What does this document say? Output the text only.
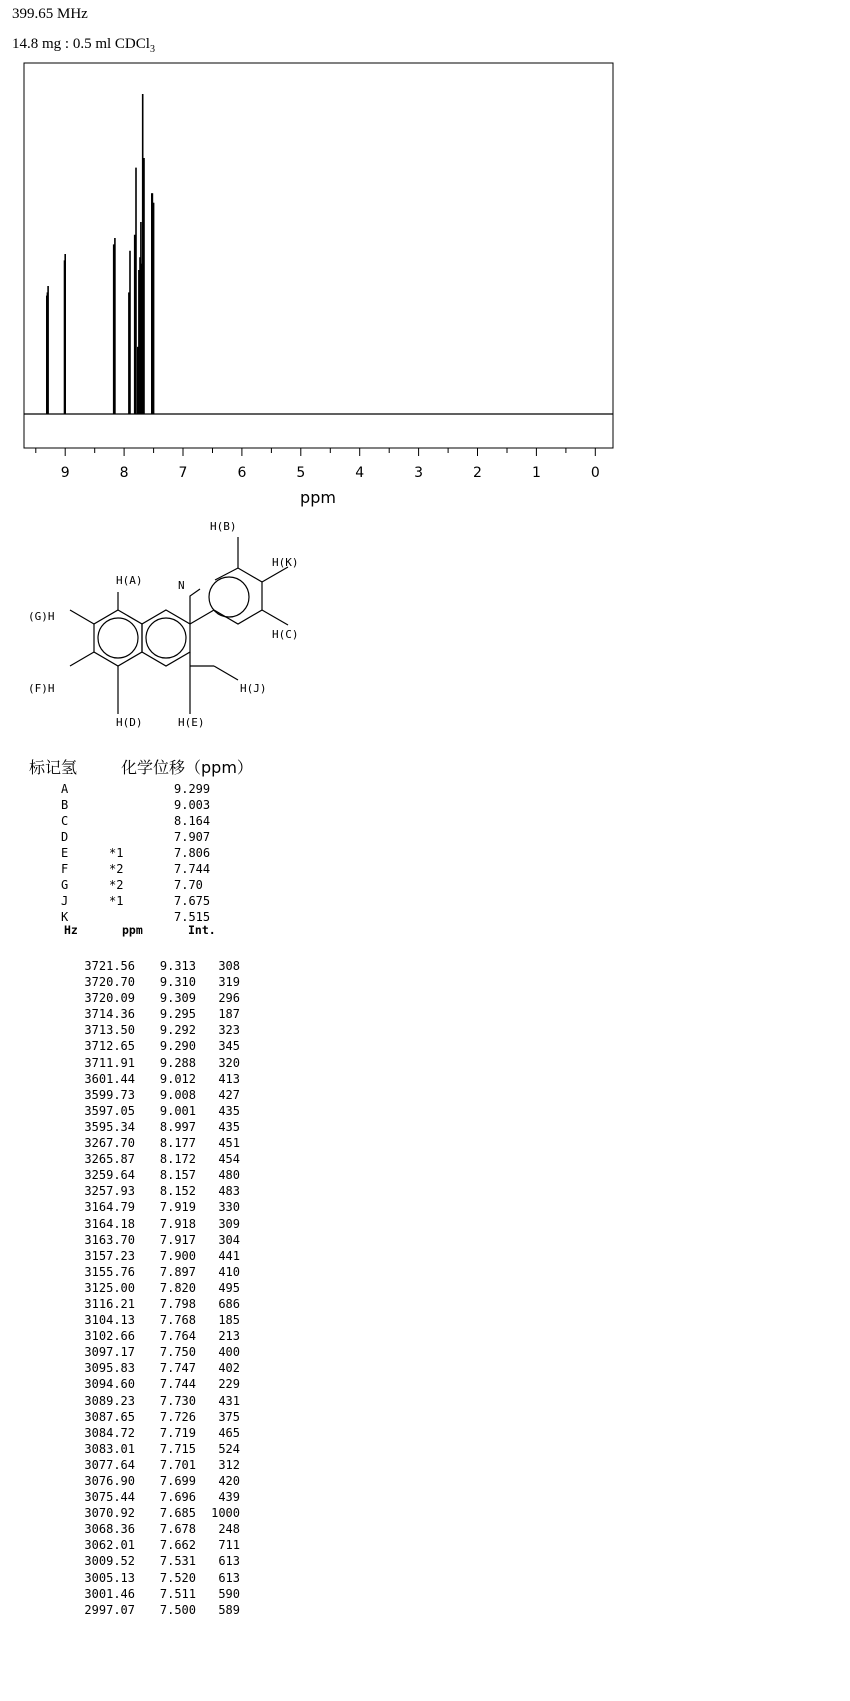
399.65 MHz
14.8 mg : 0.5 ml CDCl$_3$
9	8	7	6	5	4	3	2	1	0
ppm
N
H(A)
H(B)
H(K)
H(C)
H(J)
H(E)
H(D)
(F)H
(G)H
标记氢	化学位移（ppm）
A	9.299
B	9.003
C	8.164
D	7.907
E	*1	7.806
F	*2	7.744
G	*2	7.70
J	*1	7.675
K	7.515
Hz	ppm	Int.
3721.56 9.313 308
3720.70 9.310 319
3720.09 9.309 296
3714.36 9.295 187
3713.50 9.292 323
3712.65 9.290 345
3711.91 9.288 320
3601.44 9.012 413
3599.73 9.008 427
3597.05 9.001 435
3595.34 8.997 435
3267.70 8.177 451
3265.87 8.172 454
3259.64 8.157 480
3257.93 8.152 483
3164.79 7.919 330
3164.18 7.918 309
3163.70 7.917 304
3157.23 7.900 441
3155.76 7.897 410
3125.00 7.820 495
3116.21 7.798 686
3104.13 7.768 185
3102.66 7.764 213
3097.17 7.750 400
3095.83 7.747 402
3094.60 7.744 229
3089.23 7.730 431
3087.65 7.726 375
3084.72 7.719 465
3083.01 7.715 524
3077.64 7.701 312
3076.90 7.699 420
3075.44 7.696 439
3070.92 7.685 1000
3068.36 7.678 248
3062.01 7.662 711
3009.52 7.531 613
3005.13 7.520 613
3001.46 7.511 590
2997.07 7.500 589
